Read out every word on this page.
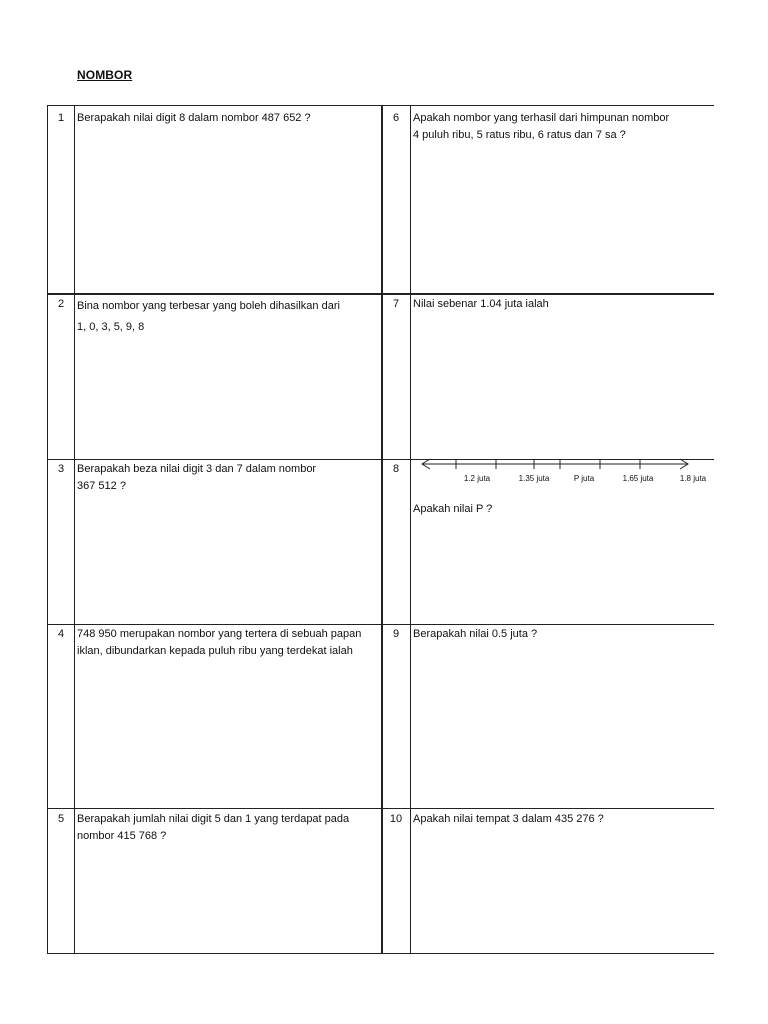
NOMBOR
1	Berapakah nilai digit 8 dalam nombor 487 652 ?
2	Bina nombor yang terbesar yang boleh dihasilkan dari
1, 0, 3, 5, 9, 8
3	Berapakah beza nilai digit 3 dan 7 dalam nombor
367 512 ?
4	748 950 merupakan nombor yang tertera di sebuah papan
iklan, dibundarkan kepada puluh ribu yang terdekat ialah
5	Berapakah jumlah nilai digit 5 dan 1 yang terdapat pada
nombor 415 768 ?
6	Apakah nombor yang terhasil dari himpunan nombor
4 puluh ribu, 5 ratus ribu, 6 ratus dan 7 sa ?
7	Nilai sebenar 1.04 juta ialah
8
1.2 juta	1.35 juta	P juta	1.65 juta	1.8 juta
Apakah nilai P ?
9	Berapakah nilai 0.5 juta ?
10 Apakah nilai tempat 3 dalam 435 276 ?
